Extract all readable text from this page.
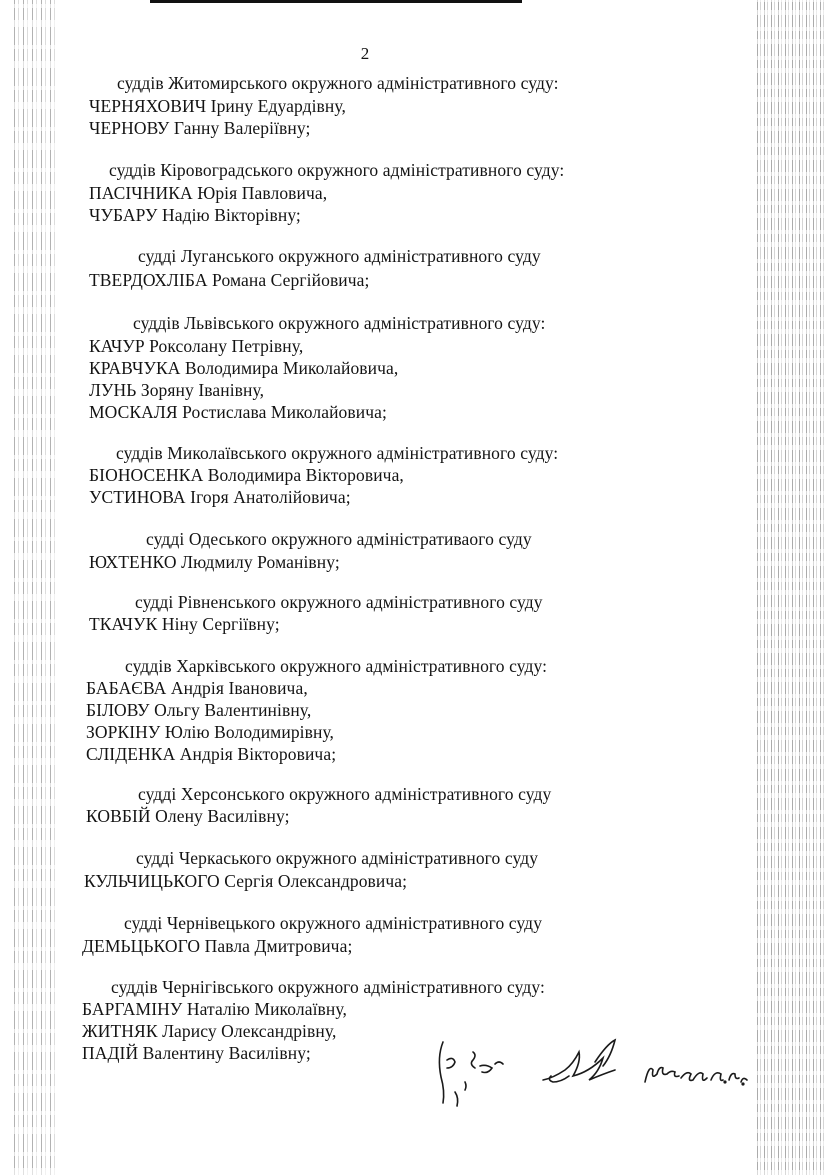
2
суддів Житомирського окружного адміністративного суду:
ЧЕРНЯХОВИЧ Ірину Едуардівну,
ЧЕРНОВУ Ганну Валеріївну;
суддів Кіровоградського окружного адміністративного суду:
ПАСІЧНИКА Юрія Павловича,
ЧУБАРУ Надію Вікторівну;
судді Луганського окружного адміністративного суду
ТВЕРДОХЛІБА Романа Сергійовича;
суддів Львівського окружного адміністративного суду:
КАЧУР Роксолану Петрівну,
КРАВЧУКА Володимира Миколайовича,
ЛУНЬ Зоряну Іванівну,
МОСКАЛЯ Ростислава Миколайовича;
суддів Миколаївського окружного адміністративного суду:
БІОНОСЕНКА Володимира Вікторовича,
УСТИНОВА Ігоря Анатолійовича;
судді Одеського окружного адміністративаого суду
ЮХТЕНКО Людмилу Романівну;
судді Рівненського окружного адміністративного суду
ТКАЧУК Ніну Сергіївну;
суддів Харківського окружного адміністративного суду:
БАБАЄВА Андрія Івановича,
БІЛОВУ Ольгу Валентинівну,
ЗОРКІНУ Юлію Володимирівну,
СЛІДЕНКА Андрія Вікторовича;
судді Херсонського окружного адміністративного суду
КОВБІЙ Олену Василівну;
судді Черкаського окружного адміністративного суду
КУЛЬЧИЦЬКОГО Сергія Олександровича;
судді Чернівецького окружного адміністративного суду
ДЕМЬЦЬКОГО Павла Дмитровича;
суддів Чернігівського окружного адміністративного суду:
БАРГАМІНУ Наталію Миколаївну,
ЖИТНЯК Ларису Олександрівну,
ПАДІЙ Валентину Василівну;
